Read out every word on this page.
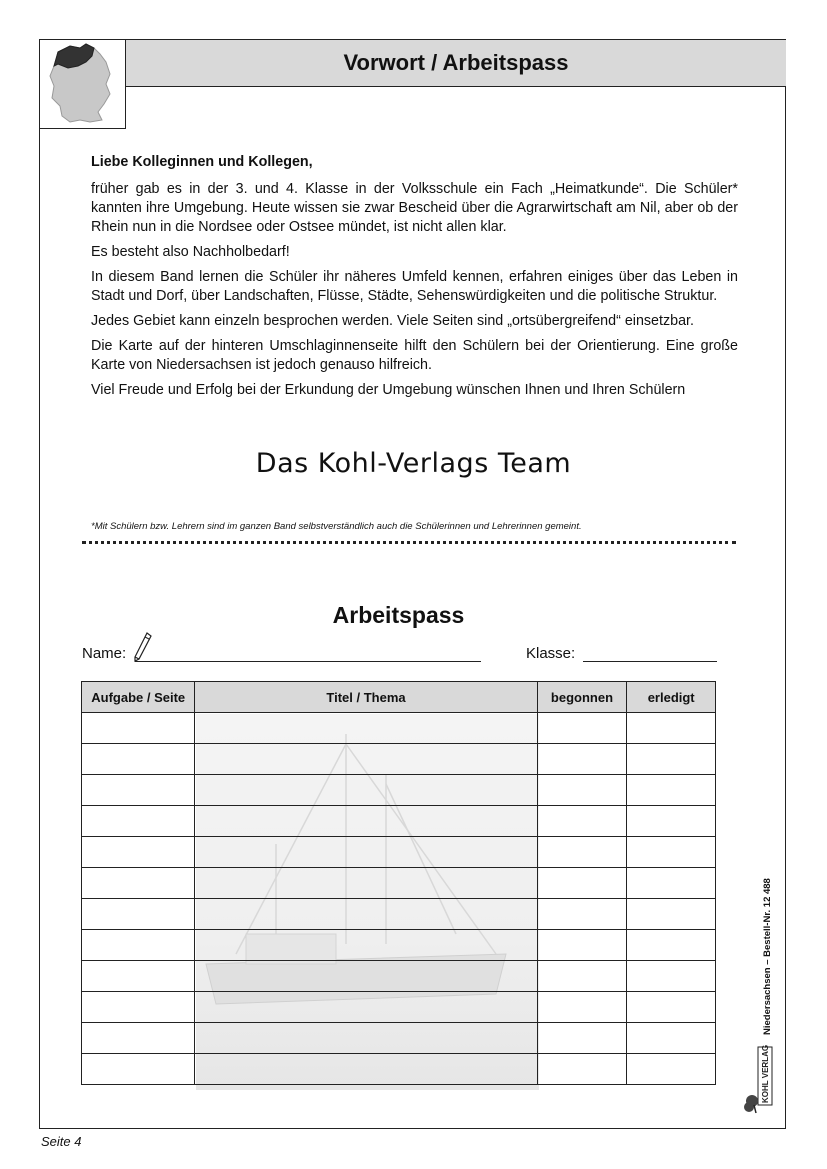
Vorwort / Arbeitspass

Liebe Kolleginnen und Kollegen,

früher gab es in der 3. und 4. Klasse in der Volksschule ein Fach „Heimatkunde“. Die Schüler* kannten ihre Umgebung. Heute wissen sie zwar Bescheid über die Agrarwirtschaft am Nil, aber ob der Rhein nun in die Nordsee oder Ostsee mündet, ist nicht allen klar.

Es besteht also Nachholbedarf!

In diesem Band lernen die Schüler ihr näheres Umfeld kennen, erfahren einiges über das Leben in Stadt und Dorf, über Landschaften, Flüsse, Städte, Sehenswürdigkeiten und die politische Struktur.

Jedes Gebiet kann einzeln besprochen werden. Viele Seiten sind „ortsübergreifend“ einsetzbar.

Die Karte auf der hinteren Umschlaginnenseite hilft den Schülern bei der Orientierung. Eine große Karte von Niedersachsen ist jedoch genauso hilfreich.

Viel Freude und Erfolg bei der Erkundung der Umgebung wünschen Ihnen und Ihren Schülern

Das Kohl-Verlags Team
*Mit Schülern bzw. Lehrern sind im ganzen Band selbstverständlich auch die Schülerinnen und Lehrerinnen gemeint.
Arbeitspass
Name:	Klasse:
Aufgabe / Seite	Titel / Thema	begonnen	erledigt

Niedersachsen – Bestell-Nr. 12 488
KOHL VERLAG
Seite 4
